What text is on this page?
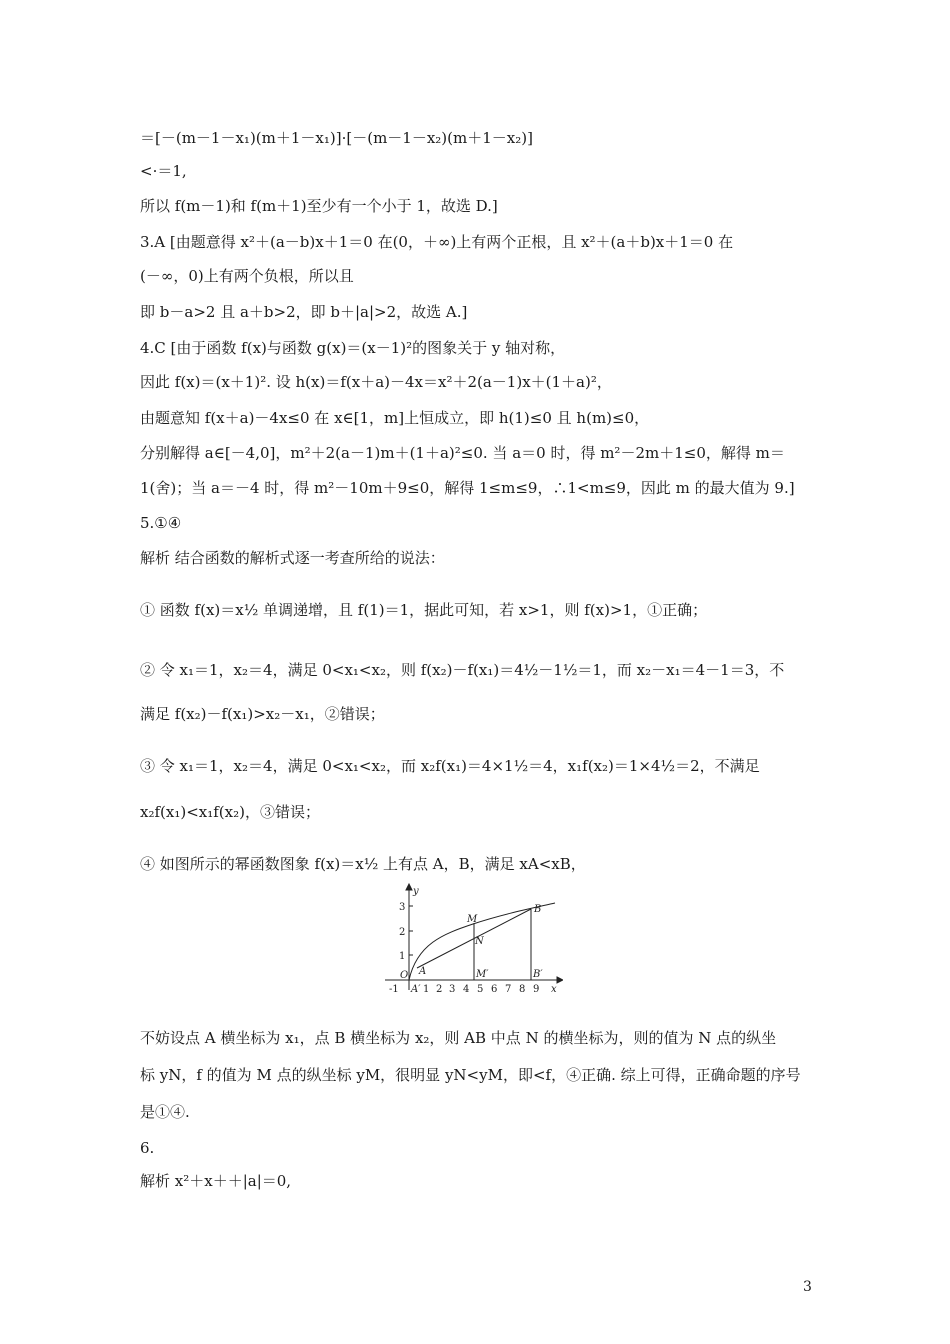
＝[－(m－1－x₁)(m＋1－x₁)]·[－(m－1－x₂)(m＋1－x₂)]
<·＝1,
所以 f(m－1)和 f(m＋1)至少有一个小于 1，故选 D.]
3.A [由题意得 x²＋(a－b)x＋1＝0 在(0，＋∞)上有两个正根，且 x²＋(a＋b)x＋1＝0 在
(－∞，0)上有两个负根，所以且
即 b－a>2 且 a＋b>2，即 b＋|a|>2，故选 A.]
4.C [由于函数 f(x)与函数 g(x)＝(x－1)²的图象关于 y 轴对称，
因此 f(x)＝(x＋1)². 设 h(x)＝f(x＋a)－4x＝x²＋2(a－1)x＋(1＋a)²，
由题意知 f(x＋a)－4x≤0 在 x∈[1，m]上恒成立，即 h(1)≤0 且 h(m)≤0，
分别解得 a∈[－4,0]，m²＋2(a－1)m＋(1＋a)²≤0. 当 a＝0 时，得 m²－2m＋1≤0，解得 m＝
1(舍)；当 a＝－4 时，得 m²－10m＋9≤0，解得 1≤m≤9，∴1<m≤9，因此 m 的最大值为 9.]
5.①④
解析 结合函数的解析式逐一考查所给的说法：
① 函数 f(x)＝x½ 单调递增，且 f(1)＝1，据此可知，若 x>1，则 f(x)>1，①正确；
② 令 x₁＝1，x₂＝4，满足 0<x₁<x₂，则 f(x₂)－f(x₁)＝4½－1½＝1，而 x₂－x₁＝4－1＝3，不
满足 f(x₂)－f(x₁)>x₂－x₁，②错误；
③ 令 x₁＝1，x₂＝4，满足 0<x₁<x₂，而 x₂f(x₁)＝4×1½＝4，x₁f(x₂)＝1×4½＝2，不满足
x₂f(x₁)<x₁f(x₂)，③错误；
④ 如图所示的幂函数图象 f(x)＝x½ 上有点 A，B，满足 xA<xB，
y
x
M
N
B
O A
A′
M′	B′
1
2
3
-1 1 2 3 4 5 6 7 8 9
不妨设点 A 横坐标为 x₁，点 B 横坐标为 x₂，则 AB 中点 N 的横坐标为，则的值为 N 点的纵坐
标 yN，f 的值为 M 点的纵坐标 yM，很明显 yN<yM，即<f，④正确. 综上可得，正确命题的序号
是①④.
6.
解析 x²＋x＋＋|a|＝0,
3
